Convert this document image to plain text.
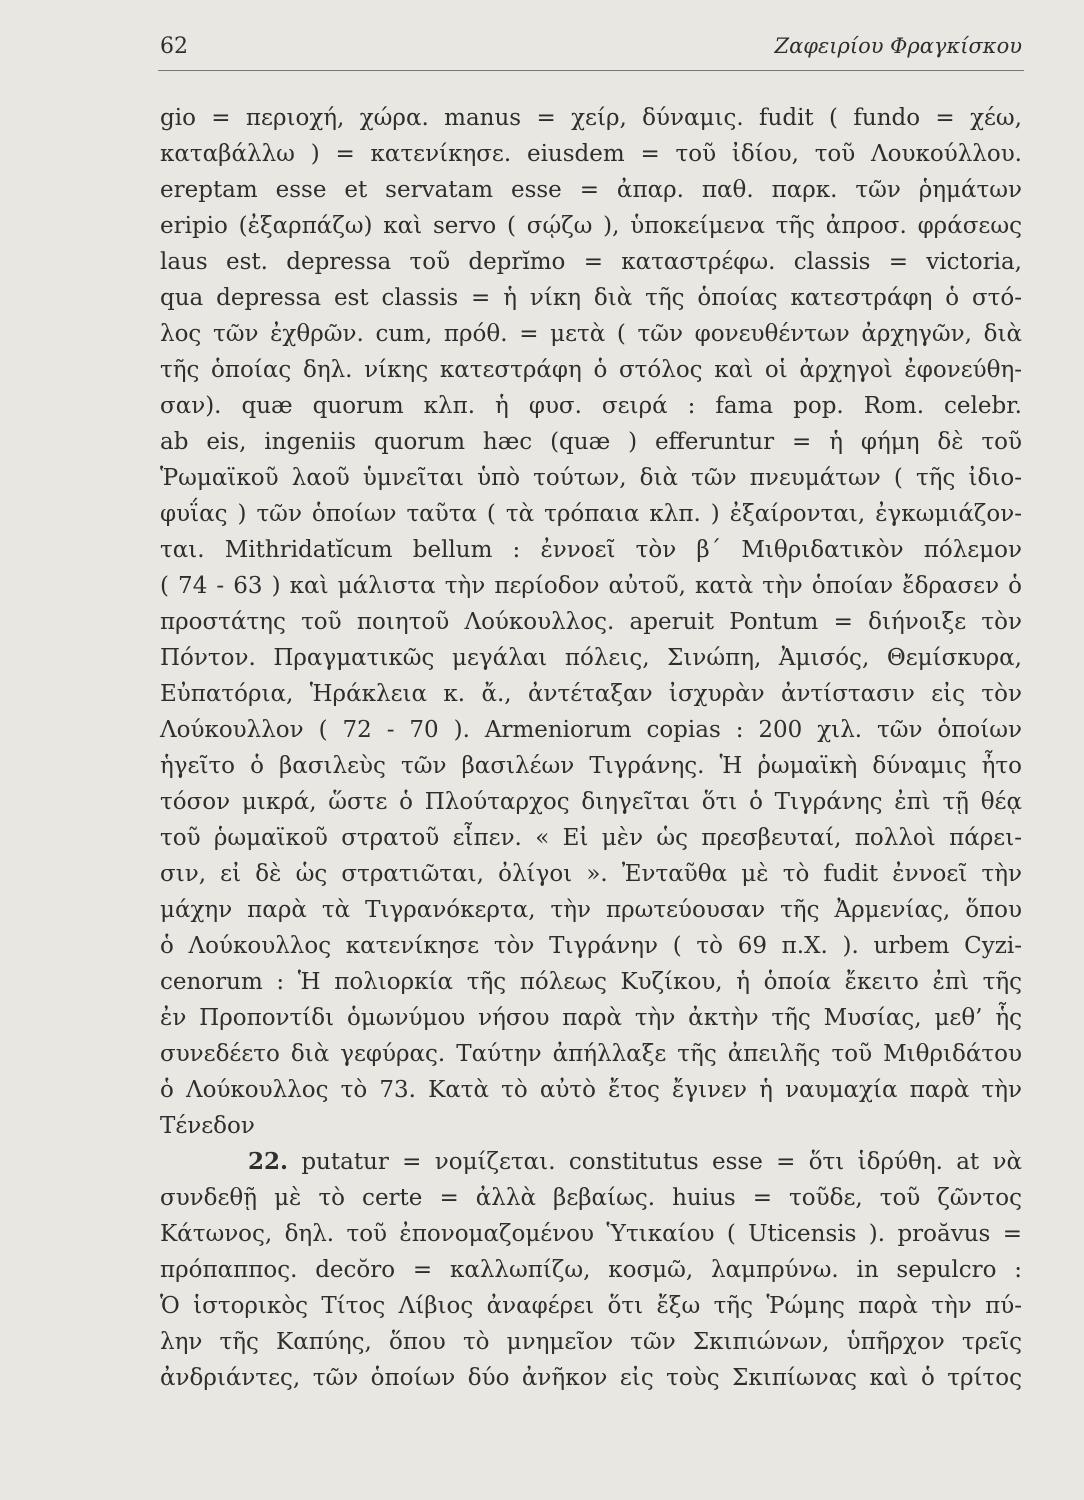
62	Ζαφειρίου Φραγκίσκου
gio = περιοχή, χώρα. manus = χείρ, δύναμις. fudit ( fundo = χέω,
καταβάλλω ) = κατενίκησε. eiusdem = τοῦ ἰδίου, τοῦ Λουκούλλου.
ereptam esse et servatam esse = ἀπαρ. παθ. παρκ. τῶν ῥημάτων
eripio (ἐξαρπάζω) καὶ servo ( σῴζω ), ὑποκείμενα τῆς ἀπροσ. φράσεως
laus est. depressa τοῦ deprĭmo = καταστρέφω. classis = victoria,
qua depressa est classis = ἡ νίκη διὰ τῆς ὁποίας κατεστράφη ὁ στό-
λος τῶν ἐχθρῶν. cum, πρόθ. = μετὰ ( τῶν φονευθέντων ἀρχηγῶν, διὰ
τῆς ὁποίας δηλ. νίκης κατεστράφη ὁ στόλος καὶ οἱ ἀρχηγοὶ ἐφονεύθη-
σαν). quæ quorum κλπ. ἡ φυσ. σειρά : fama pop. Rom. celebr.
ab eis, ingeniis quorum hæc (quæ ) efferuntur = ἡ φήμη δὲ τοῦ
Ῥωμαϊκοῦ λαοῦ ὑμνεῖται ὑπὸ τούτων, διὰ τῶν πνευμάτων ( τῆς ἰδιο-
φυΐας ) τῶν ὁποίων ταῦτα ( τὰ τρόπαια κλπ. ) ἐξαίρονται, ἐγκωμιάζον-
ται. Mithridatĭcum bellum : ἐννοεῖ τὸν β΄ Μιθριδατικὸν πόλεμον
( 74 - 63 ) καὶ μάλιστα τὴν περίοδον αὐτοῦ, κατὰ τὴν ὁποίαν ἔδρασεν ὁ
προστάτης τοῦ ποιητοῦ Λούκουλλος. aperuit Pontum = διήνοιξε τὸν
Πόντον. Πραγματικῶς μεγάλαι πόλεις, Σινώπη, Ἀμισός, Θεμίσκυρα,
Εὐπατόρια, Ἡράκλεια κ. ἄ., ἀντέταξαν ἰσχυρὰν ἀντίστασιν εἰς τὸν
Λούκουλλον ( 72 - 70 ). Armeniorum copias : 200 χιλ. τῶν ὁποίων
ἡγεῖτο ὁ βασιλεὺς τῶν βασιλέων Τιγράνης. Ἡ ῥωμαϊκὴ δύναμις ἦτο
τόσον μικρά, ὥστε ὁ Πλούταρχος διηγεῖται ὅτι ὁ Τιγράνης ἐπὶ τῇ θέᾳ
τοῦ ῥωμαϊκοῦ στρατοῦ εἶπεν. « Εἰ μὲν ὡς πρεσβευταί, πολλοὶ πάρει-
σιν, εἰ δὲ ὡς στρατιῶται, ὀλίγοι ». Ἐνταῦθα μὲ τὸ fudit ἐννοεῖ τὴν
μάχην παρὰ τὰ Τιγρανόκερτα, τὴν πρωτεύουσαν τῆς Ἀρμενίας, ὅπου
ὁ Λούκουλλος κατενίκησε τὸν Τιγράνην ( τὸ 69 π.Χ. ). urbem Cyzi-
cenorum : Ἡ πολιορκία τῆς πόλεως Κυζίκου, ἡ ὁποία ἔκειτο ἐπὶ τῆς
ἐν Προποντίδι ὁμωνύμου νήσου παρὰ τὴν ἀκτὴν τῆς Μυσίας, μεθ’ ἧς
συνεδέετο διὰ γεφύρας. Ταύτην ἀπήλλαξε τῆς ἀπειλῆς τοῦ Μιθριδάτου
ὁ Λούκουλλος τὸ 73. Κατὰ τὸ αὐτὸ ἔτος ἔγινεν ἡ ναυμαχία παρὰ τὴν
Τένεδον
22. putatur = νομίζεται. constitutus esse = ὅτι ἱδρύθη. at νὰ
συνδεθῇ μὲ τὸ certe = ἀλλὰ βεβαίως. huius = τοῦδε, τοῦ ζῶντος
Κάτωνος, δηλ. τοῦ ἐπονομαζομένου Ὑτικαίου ( Uticensis ). proăvus =
πρόπαππος. decŏro = καλλωπίζω, κοσμῶ, λαμπρύνω. in sepulcro :
Ὁ ἱστορικὸς Τίτος Λίβιος ἀναφέρει ὅτι ἔξω τῆς Ῥώμης παρὰ τὴν πύ-
λην τῆς Καπύης, ὅπου τὸ μνημεῖον τῶν Σκιπιώνων, ὑπῆρχον τρεῖς
ἀνδριάντες, τῶν ὁποίων δύο ἀνῆκον εἰς τοὺς Σκιπίωνας καὶ ὁ τρίτος
